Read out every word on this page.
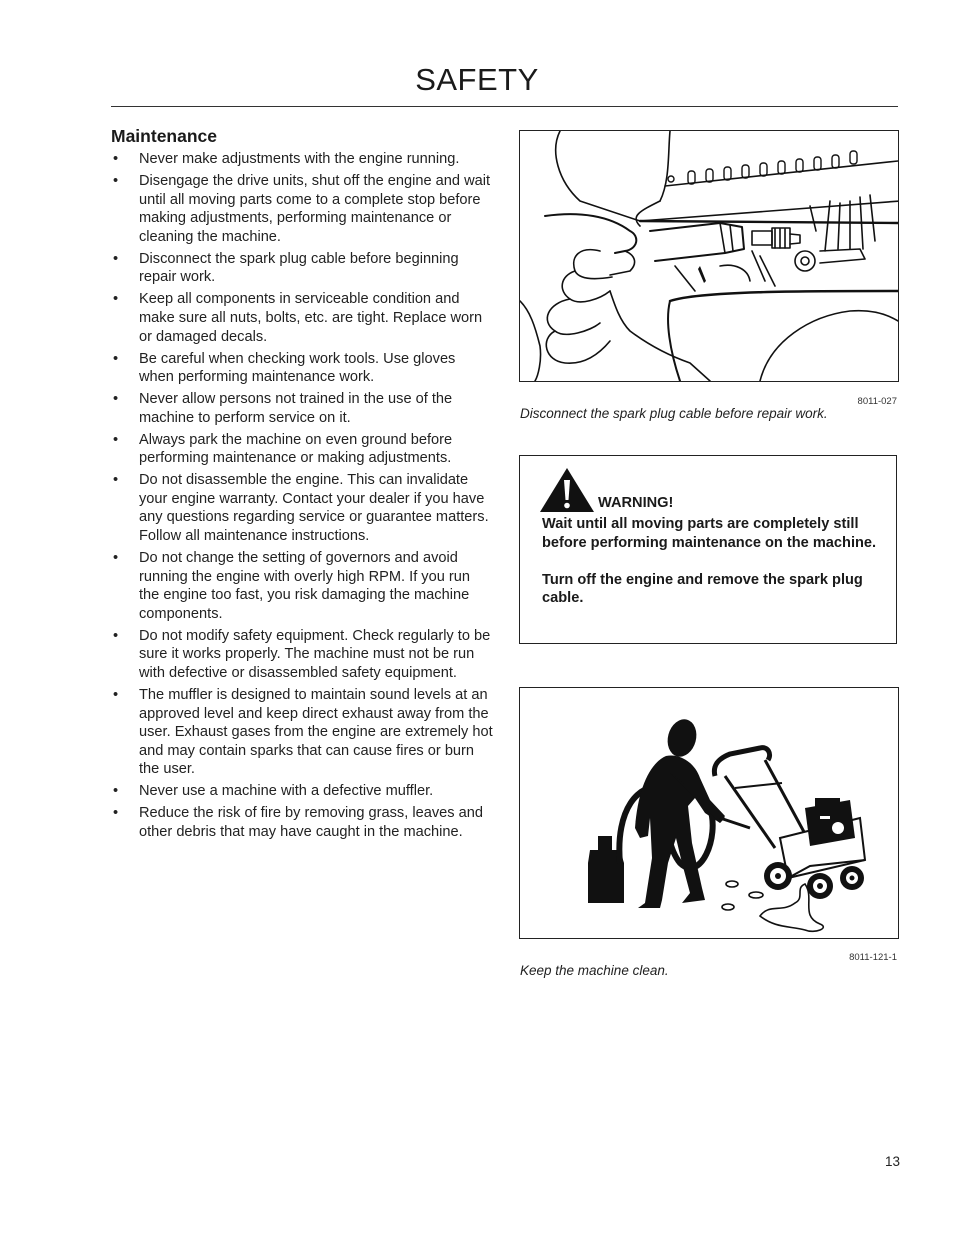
SAFETY
Maintenance
• Never make adjustments with the engine running.
• Disengage the drive units, shut off the engine and wait until all moving parts come to a complete stop before making adjustments, performing maintenance or cleaning the machine.
• Disconnect the spark plug cable before beginning repair work.
• Keep all components in serviceable condition and make sure all nuts, bolts, etc. are tight. Replace worn or damaged decals.
• Be careful when checking work tools. Use gloves when performing maintenance work.
• Never allow persons not trained in the use of the machine to perform service on it.
• Always park the machine on even ground before performing maintenance or making adjustments.
• Do not disassemble the engine. This can invalidate your engine warranty. Contact your dealer if you have any questions regarding service or guarantee matters. Follow all maintenance instructions.
• Do not change the setting of governors and avoid running the engine with overly high RPM. If you run the engine too fast, you risk damaging the machine components.
• Do not modify safety equipment. Check regularly to be sure it works properly. The machine must not be run with defective or disassembled safety equipment.
• The muffler is designed to maintain sound levels at an approved level and keep direct exhaust away from the user. Exhaust gases from the engine are extremely hot and may contain sparks that can cause fires or burn the user.
• Never use a machine with a defective muffler.
• Reduce the risk of fire by removing grass, leaves and other debris that may have caught in the machine.
8011-027
Disconnect the spark plug cable before repair work.
WARNING!

Wait until all moving parts are completely still before performing maintenance on the machine.

Turn off the engine and remove the spark plug cable.

8011-121-1
Keep the machine clean.
13
